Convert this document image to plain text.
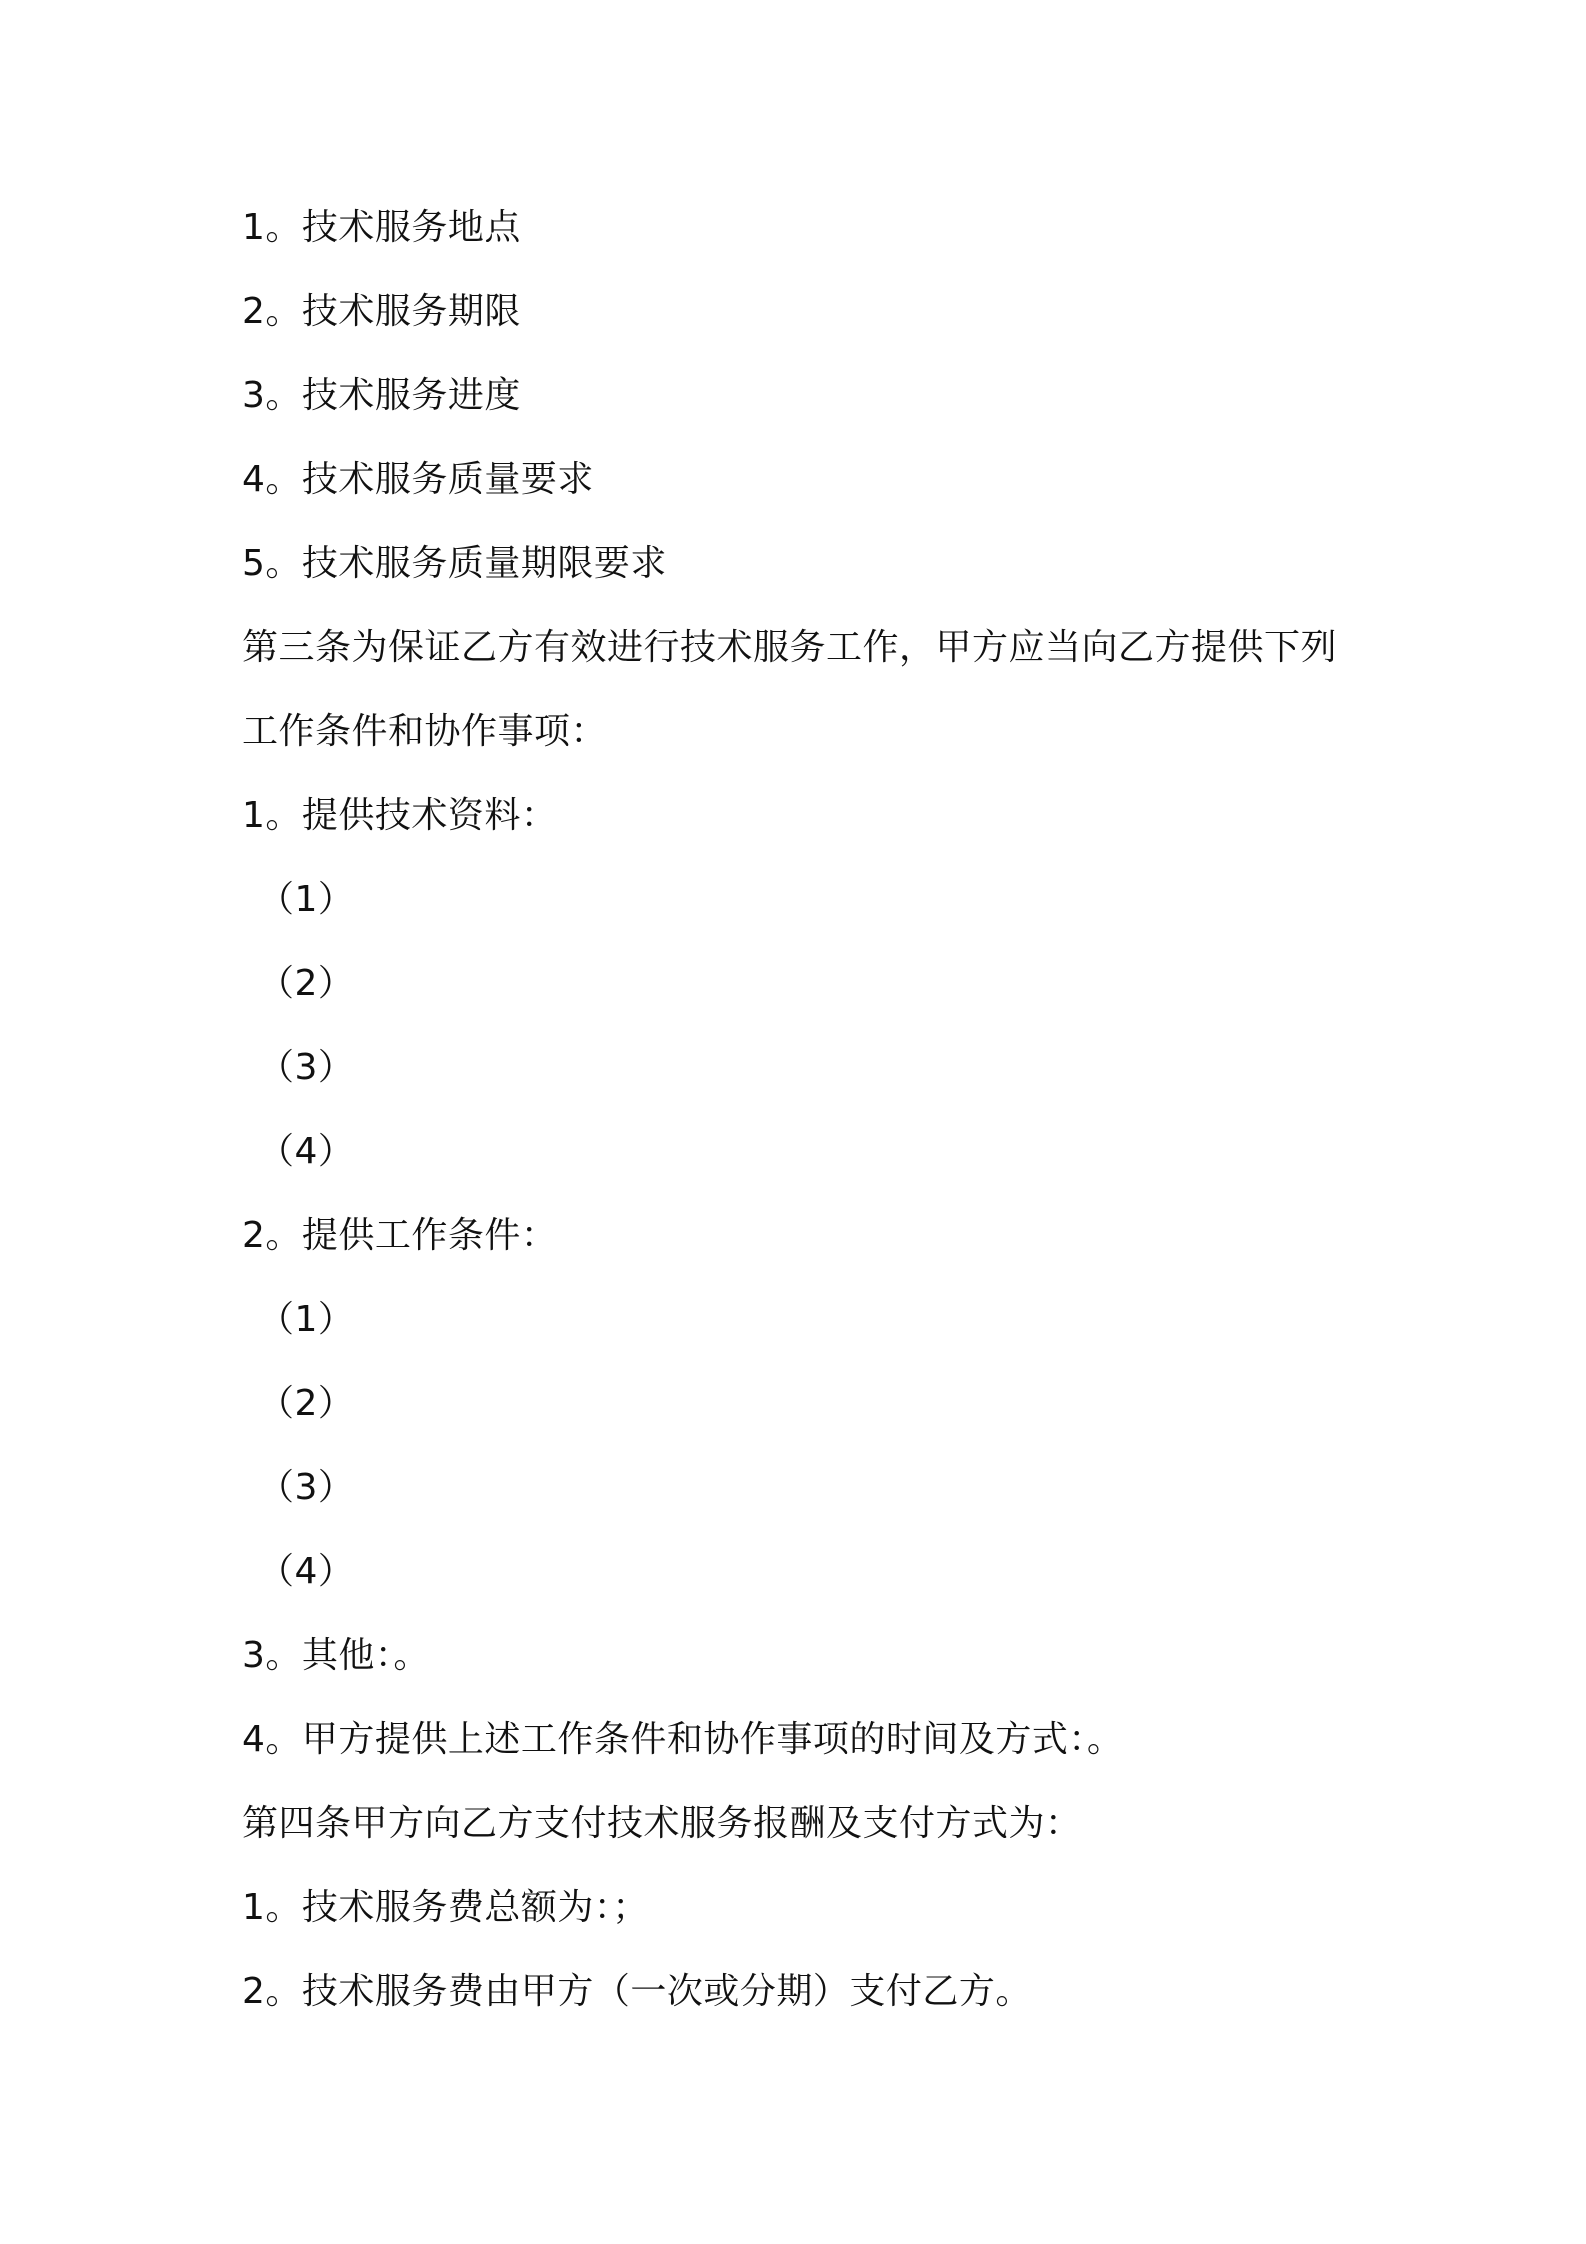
1。技术服务地点
2。技术服务期限
3。技术服务进度
4。技术服务质量要求
5。技术服务质量期限要求
第三条为保证乙方有效进行技术服务工作，甲方应当向乙方提供下列
工作条件和协作事项：
1。提供技术资料：
（1）
（2）
（3）
（4）
2。提供工作条件：
（1）
（2）
（3）
（4）
3。其他：。
4。甲方提供上述工作条件和协作事项的时间及方式：。
第四条甲方向乙方支付技术服务报酬及支付方式为：
1。技术服务费总额为：；
2。技术服务费由甲方（一次或分期）支付乙方。
